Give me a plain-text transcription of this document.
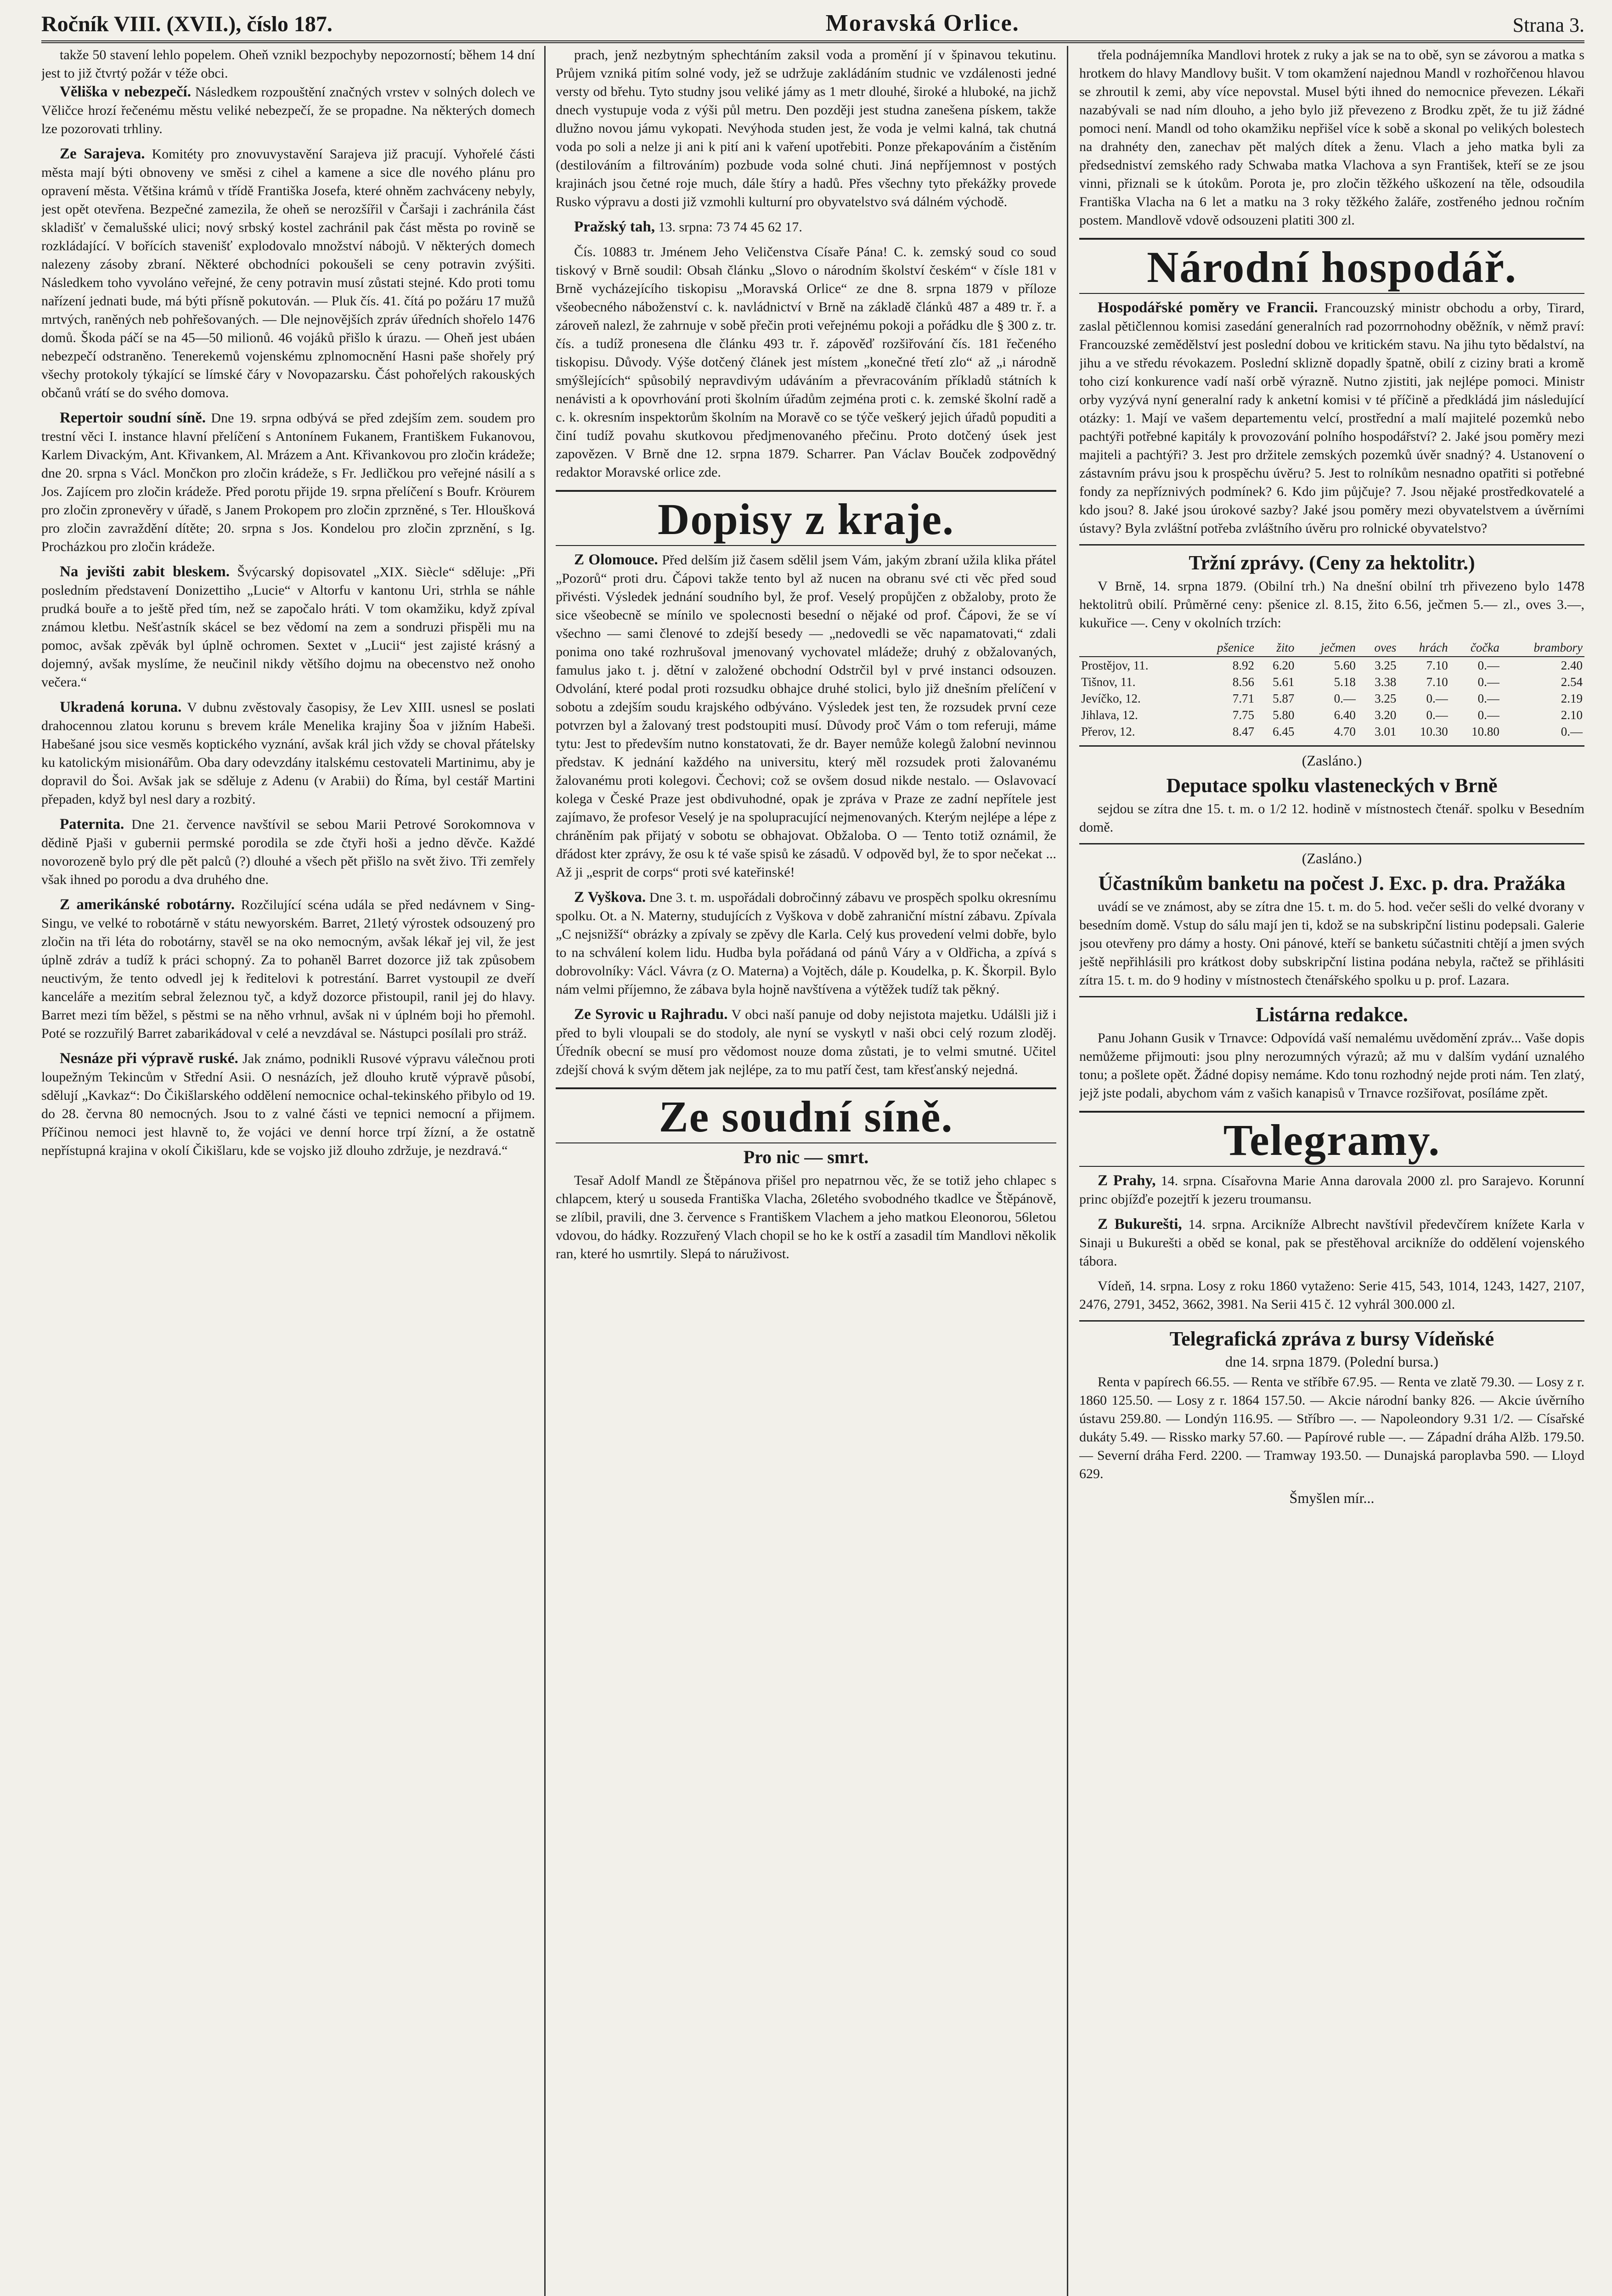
Ročník VIII. (XVII.), číslo 187.	Moravská Orlice.	Strana 3.

takže 50 stavení lehlo popelem. Oheň vznikl bezpochyby nepozorností; během 14 dní jest to již čtvrtý požár v téže obci.

Věliška v nebezpečí. Následkem rozpouštění značných vrstev v solných dolech ve Věličce hrozí řečenému městu veliké nebezpečí, že se propadne. Na některých domech lze pozorovati trhliny.

Ze Sarajeva. Komitéty pro znovuvystavění Sarajeva již pracují. Vyhořelé části města mají býti obnoveny ve směsi z cihel a kamene a sice dle nového plánu pro opravení města. Většina krámů v třídě Františka Josefa, které ohněm zachváceny nebyly, jest opět otevřena. Bezpečné zamezila, že oheň se nerozšířil v Čaršaji i zachránila část skladišť v čemalušské ulici; nový srbský kostel zachránil pak část města po rovině se rozkládající. V bořících stavenišť explodovalo množství nábojů. V některých domech nalezeny zásoby zbraní. Některé obchodníci pokoušeli se ceny potravin zvýšiti. Následkem toho vyvoláno veřejné, že ceny potravin musí zůstati stejné. Kdo proti tomu nařízení jednati bude, má býti přísně pokutován. — Pluk čís. 41. čítá po požáru 17 mužů mrtvých, raněných neb pohřešovaných. — Dle nejnovějších zpráv úředních shořelo 1476 domů. Škoda páčí se na 45—50 milionů. 46 vojáků přišlo k úrazu. — Oheň jest ubáen nebezpečí odstraněno. Tenerekemů vojenskému zplnomocnění Hasni paše shořely prý všechy protokoly týkající se límské čáry v Novopazarsku. Část pohořelých rakouských občanů vrátí se do svého domova.

Repertoir soudní síně. Dne 19. srpna odbývá se před zdejším zem. soudem pro trestní věci I. instance hlavní přelíčení s Antonínem Fukanem, Františkem Fukanovou, Karlem Divackým, Ant. Křivankem, Al. Mrázem a Ant. Křivankovou pro zločin krádeže; dne 20. srpna s Václ. Mončkon pro zločin krádeže, s Fr. Jedličkou pro veřejné násilí a s Jos. Zajícem pro zločin krádeže. Před porotu přijde 19. srpna přelíčení s Boufr. Kröurem pro zločin zpronevěry v úřadě, s Janem Prokopem pro zločin zprzněné, s Ter. Hloušková pro zločin zavraždění dítěte; 20. srpna s Jos. Kondelou pro zločin zprznění, s Ig. Procházkou pro zločin krádeže.

Na jevišti zabit bleskem. Švýcarský dopisovatel „XIX. Siècle“ sděluje: „Při posledním představení Donizettiho „Lucie“ v Altorfu v kantonu Uri, strhla se náhle prudká bouře a to ještě před tím, než se započalo hráti. V tom okamžiku, když zpíval známou kletbu. Nešťastník skácel se bez vědomí na zem a sondruzi přispěli mu na pomoc, avšak zpěvák byl úplně ochromen. Sextet v „Lucii“ jest zajisté krásný a dojemný, avšak myslíme, že neučinil nikdy většího dojmu na obecenstvo než onoho večera.“

Ukradená koruna. V dubnu zvěstovaly časopisy, že Lev XIII. usnesl se poslati drahocennou zlatou korunu s brevem krále Menelika krajiny Šoa v jižním Habeši. Habešané jsou sice vesměs koptického vyznání, avšak král jich vždy se choval přátelsky ku katolickým misionářům. Oba dary odevzdány italskému cestovateli Martinimu, aby je dopravil do Šoi. Avšak jak se sděluje z Adenu (v Arabii) do Říma, byl cestář Martini přepaden, když byl nesl dary a rozbitý.

Paternita. Dne 21. července navštívil se sebou Marii Petrové Sorokomnova v dědině Pjaši v gubernii permské porodila se zde čtyři hoši a jedno děvče. Každé novorozeně bylo prý dle pět palců (?) dlouhé a všech pět přišlo na svět živo. Tři zemřely však ihned po porodu a dva druhého dne.

Z amerikánské robotárny. Rozčilující scéna udála se před nedávnem v Sing-Singu, ve velké to robotárně v státu newyorském. Barret, 21letý výrostek odsouzený pro zločin na tři léta do robotárny, stavěl se na oko nemocným, avšak lékař jej vil, že jest úplně zdráv a tudíž k práci schopný. Za to pohaněl Barret dozorce již tak způsobem neuctivým, že tento odvedl jej k ředitelovi k potrestání. Barret vystoupil ze dveří kanceláře a mezitím sebral železnou tyč, a když dozorce přistoupil, ranil jej do hlavy. Barret mezi tím běžel, s pěstmi se na něho vrhnul, avšak ni v úplném boji ho přemohl. Poté se rozzuřilý Barret zabarikádoval v celé a nevzdával se. Nástupci posílali pro stráž.

Nesnáze při výpravě ruské. Jak známo, podnikli Rusové výpravu válečnou proti loupežným Tekincům v Střední Asii. O nesnázích, jež dlouho krutě výpravě působí, sdělují „Kavkaz“: Do Čikišlarského oddělení nemocnice ochal-tekinského přibylo od 19. do 28. června 80 nemocných. Jsou to z valné části ve tepnici nemocní a přijmem. Příčinou nemoci jest hlavně to, že vojáci ve denní horce trpí žízní, a že ostatně nepřístupná krajina v okolí Čikišlaru, kde se vojsko již dlouho zdržuje, je nezdravá.“

prach, jenž nezbytným sphechtáním zaksil voda a promění jí v špinavou tekutinu. Průjem vzniká pitím solné vody, jež se udržuje zakládáním studnic ve vzdálenosti jedné versty od břehu. Tyto studny jsou veliké jámy as 1 metr dlouhé, široké a hluboké, na jichž dnech vystupuje voda z výši půl metru. Den později jest studna zanešena pískem, takže dlužno novou jámu vykopati. Nevýhoda studen jest, že voda je velmi kalná, tak chutná voda po soli a nelze ji ani k pití ani k vaření upotřebiti. Ponze překapováním a čistěním (destilováním a filtrováním) pozbude voda solné chuti. Jiná nepříjemnost v postých krajinách jsou četné roje much, dále štíry a hadů. Přes všechny tyto překážky provede Rusko výpravu a dosti již vzmohli kulturní pro obyvatelstvo svá dálném východě.

Pražský tah, 13. srpna: 73 74 45 62 17.

Čís. 10883 tr. Jménem Jeho Veličenstva Císaře Pána! C. k. zemský soud co soud tiskový v Brně soudil: Obsah článku „Slovo o národním školství českém“ v čísle 181 v Brně vycházejícího tiskopisu „Moravská Orlice“ ze dne 8. srpna 1879 v příloze všeobecného náboženství c. k. navládnictví v Brně na základě článků 487 a 489 tr. ř. a zároveň nalezl, že zahrnuje v sobě přečin proti veřejnému pokoji a pořádku dle § 300 z. tr. čís. a tudíž pronesena dle článku 493 tr. ř. zápověď rozšiřování čís. 181 řečeného tiskopisu. Důvody. Výše dotčený článek jest místem „konečné třetí zlo“ až „i národně smýšlejících“ spůsobilý nepravdivým udáváním a převracováním příkladů státních k nenávisti a k opovrhování proti školním úřadům zejména proti c. k. zemské školní radě a c. k. okresním inspektorům školním na Moravě co se týče veškerý jejich úřadů popuditi a činí tudíž povahu skutkovou předjmenovaného přečinu. Proto dotčený úsek jest zapovězen. V Brně dne 12. srpna 1879. Scharrer. Pan Václav Bouček zodpovědný redaktor Moravské orlice zde.

Dopisy z kraje.

Z Olomouce. Před delším již časem sdělil jsem Vám, jakým zbraní užila klika přátel „Pozorů“ proti dru. Čápovi takže tento byl až nucen na obranu své cti věc před soud přivésti. Výsledek jednání soudního byl, že prof. Veselý propůjčen z obžaloby, proto že sice všeobecně se mínilo ve spolecnosti besední o nějaké od prof. Čápovi, že se ví všechno — sami členové to zdejší besedy — „nedovedli se věc napamatovati,“ zdali ponima ono také rozhrušoval jmenovaný vychovatel mládeže; druhý z obžalovaných, famulus jako t. j. dětní v založené obchodní Odstrčil byl v prvé instanci odsouzen. Odvolání, které podal proti rozsudku obhajce druhé stolici, bylo již dnešním přelíčení v sobotu a zdejším soudu krajského odbýváno. Výsledek jest ten, že rozsudek první ceze potvrzen byl a žalovaný trest podstoupiti musí. Důvody proč Vám o tom referuji, máme tytu: Jest to především nutno konstatovati, že dr. Bayer nemůže kolegů žalobní nevinnou představ. K jednání každého na universitu, který měl rozsudek proti žalovanému žalovanému proti kolegovi. Čechovi; což se ovšem dosud nikde nestalo. — Oslavovací kolega v České Praze jest obdivuhodné, opak je zpráva v Praze ze zadní nepřítele jest zajímavo, že profesor Veselý je na spolupracující nejmenovaných. Kterým nejlépe a lépe z chráněním pak přijatý v sobotu se obhajovat. Obžaloba. O — Tento totiž oznámil, že dřádost kter zprávy, že osu k té vaše spisů ke zásadů. V odpověd byl, že to spor nečekat ... Až ji „esprit de corps“ proti své kateřinské!

Z Vyškova. Dne 3. t. m. uspořádali dobročinný zábavu ve prospěch spolku okresnímu spolku. Ot. a N. Materny, studujících z Vyškova v době zahraniční místní zábavu. Zpívala „C nejsnižší“ obrázky a zpívaly se zpěvy dle Karla. Celý kus provedení velmi dobře, bylo to na schválení kolem lidu. Hudba byla pořádaná od pánů Váry a v Oldřicha, a zpívá s dobrovolníky: Václ. Vávra (z O. Materna) a Vojtěch, dále p. Koudelka, p. K. Škorpil. Bylo nám velmi příjemno, že zábava byla hojně navštívena a výtěžek tudíž tak pěkný.

Ze Syrovic u Rajhradu. V obci naší panuje od doby nejistota majetku. Událšli již i před to byli vloupali se do stodoly, ale nyní se vyskytl v naši obci celý rozum zloděj. Úředník obecní se musí pro vědomost nouze doma zůstati, je to velmi smutné. Učitel zdejší chová k svým dětem jak nejlépe, za to mu patří čest, tam křesťanský nejedná.

Ze soudní síně.
Pro nic — smrt.

Tesař Adolf Mandl ze Štěpánova přišel pro nepatrnou věc, že se totiž jeho chlapec s chlapcem, který u souseda Františka Vlacha, 26letého svobodného tkadlce ve Štěpánově, se zlíbil, pravili, dne 3. července s Františkem Vlachem a jeho matkou Eleonorou, 56letou vdovou, do hádky. Rozzuřený Vlach chopil se ho ke k ostří a zasadil tím Mandlovi několik ran, které ho usmrtily. Slepá to náruživost.

třela podnájemníka Mandlovi hrotek z ruky a jak se na to obě, syn se závorou a matka s hrotkem do hlavy Mandlovy bušit. V tom okamžení najednou Mandl v rozhořčenou hlavou se zhroutil k zemi, aby více nepovstal. Musel býti ihned do nemocnice převezen. Lékaři nazabývali se nad ním dlouho, a jeho bylo již převezeno z Brodku zpět, že tu již žádné pomoci není. Mandl od toho okamžiku nepřišel více k sobě a skonal po velikých bolestech na drahnéty den, zanechav pět malých dítek a ženu. Vlach a jeho matka byli za předsedniství zemského rady Schwaba matka Vlachova a syn František, kteří se ze jsou vinni, přiznali se k útokům. Porota je, pro zločin těžkého uškození na těle, odsoudila Františka Vlacha na 6 let a matku na 3 roky těžkého žaláře, zostřeného jednou ročním postem. Mandlově vdově odsouzeni platiti 300 zl.

Národní hospodář.

Hospodářské poměry ve Francii. Francouzský ministr obchodu a orby, Tirard, zaslal pětičlennou komisi zasedání generalních rad pozorrnohodny oběžník, v němž praví: Francouzské zemědělství jest poslední dobou ve kritickém stavu. Na jihu tyto bědalství, na jihu a ve středu révokazem. Poslední sklizně dopadly špatně, obilí z ciziny brati a kromě toho cizí konkurence vadí naší orbě výrazně. Nutno zjistiti, jak nejlépe pomoci. Ministr orby vyzývá nyní generalní rady k anketní komisi v té příčině a předkládá jim následující otázky: 1. Mají ve vašem departementu velcí, prostřední a malí majitelé pozemků nebo pachtýři potřebné kapitály k provozování polního hospodářství? 2. Jaké jsou poměry mezi majiteli a pachtýři? 3. Jest pro držitele zemských pozemků úvěr snadný? 4. Ustanovení o zástavním právu jsou k prospěchu úvěru? 5. Jest to rolníkům nesnadno opatřiti si potřebné fondy za nepříznivých podmínek? 6. Kdo jim půjčuje? 7. Jsou nějaké prostředkovatelé a kdo jsou? 8. Jaké jsou úrokové sazby? Jaké jsou poměry mezi obyvatelstvem a úvěrními ústavy? Byla zvláštní potřeba zvláštního úvěru pro rolnické obyvatelstvo?

Tržní zprávy. (Ceny za hektolitr.)

V Brně, 14. srpna 1879. (Obilní trh.) Na dnešní obilní trh přivezeno bylo 1478 hektolitrů obilí. Průměrné ceny: pšenice zl. 8.15, žito 6.56, ječmen 5.— zl., oves 3.—, kukuřice —. Ceny v okolních trzích:

	pšenice	žito	ječmen	oves	hrách	čočka	brambory
Prostějov, 11.	8.92	6.20	5.60	3.25	7.10	0.—	2.40
Tišnov, 11.	8.56	5.61	5.18	3.38	7.10	0.—	2.54
Jevíčko, 12.	7.71	5.87	0.—	3.25	0.—	0.—	2.19
Jihlava, 12.	7.75	5.80	6.40	3.20	0.—	0.—	2.10
Přerov, 12.	8.47	6.45	4.70	3.01	10.30	10.80	0.—
(Zasláno.)
Deputace spolku vlasteneckých v Brně

sejdou se zítra dne 15. t. m. o 1/2 12. hodině v místnostech čtenář. spolku v Besedním domě.

(Zasláno.)
Účastníkům banketu na počest J. Exc. p. dra. Pražáka

uvádí se ve známost, aby se zítra dne 15. t. m. do 5. hod. večer sešli do velké dvorany v besedním domě. Vstup do sálu mají jen ti, kdož se na subskripční listinu podepsali. Galerie jsou otevřeny pro dámy a hosty. Oni pánové, kteří se banketu súčastniti chtějí a jmen svých ještě nepřihlásili pro krátkost doby subskripční listina podána nebyla, račtež se přihlásiti zítra 15. t. m. do 9 hodiny v místnostech čtenářského spolku u p. prof. Lazara.

Listárna redakce.

Panu Johann Gusik v Trnavce: Odpovídá vaší nemalému uvědomění zpráv... Vaše dopis nemůžeme přijmouti: jsou plny nerozumných výrazů; až mu v dalším vydání uznalého tonu; a pošlete opět. Žádné dopisy nemáme. Kdo tonu rozhodný nejde proti nám. Ten zlatý, jejž jste podali, abychom vám z vašich kanapisů v Trnavce rozšiřovat, posíláme zpět.

Telegramy.

Z Prahy, 14. srpna. Císařovna Marie Anna darovala 2000 zl. pro Sarajevo. Korunní princ objížďe pozejtří k jezeru troumansu.

Z Bukurešti, 14. srpna. Arcikníže Albrecht navštívil předevčírem knížete Karla v Sinaji u Bukurešti a oběd se konal, pak se přestěhoval arcikníže do oddělení vojenského tábora.

Vídeň, 14. srpna. Losy z roku 1860 vytaženo: Serie 415, 543, 1014, 1243, 1427, 2107, 2476, 2791, 3452, 3662, 3981. Na Serii 415 č. 12 vyhrál 300.000 zl.

Telegrafická zpráva z bursy Vídeňské
dne 14. srpna 1879. (Polední bursa.)

Renta v papírech 66.55. — Renta ve stříbře 67.95. — Renta ve zlatě 79.30. — Losy z r. 1860 125.50. — Losy z r. 1864 157.50. — Akcie národní banky 826. — Akcie úvěrního ústavu 259.80. — Londýn 116.95. — Stříbro —. — Napoleondory 9.31 1/2. — Císařské dukáty 5.49. — Rissko marky 57.60. — Papírové ruble —. — Západní dráha Alžb. 179.50. — Severní dráha Ferd. 2200. — Tramway 193.50. — Dunajská paroplavba 590. — Lloyd 629.

Šmyšlen mír...
